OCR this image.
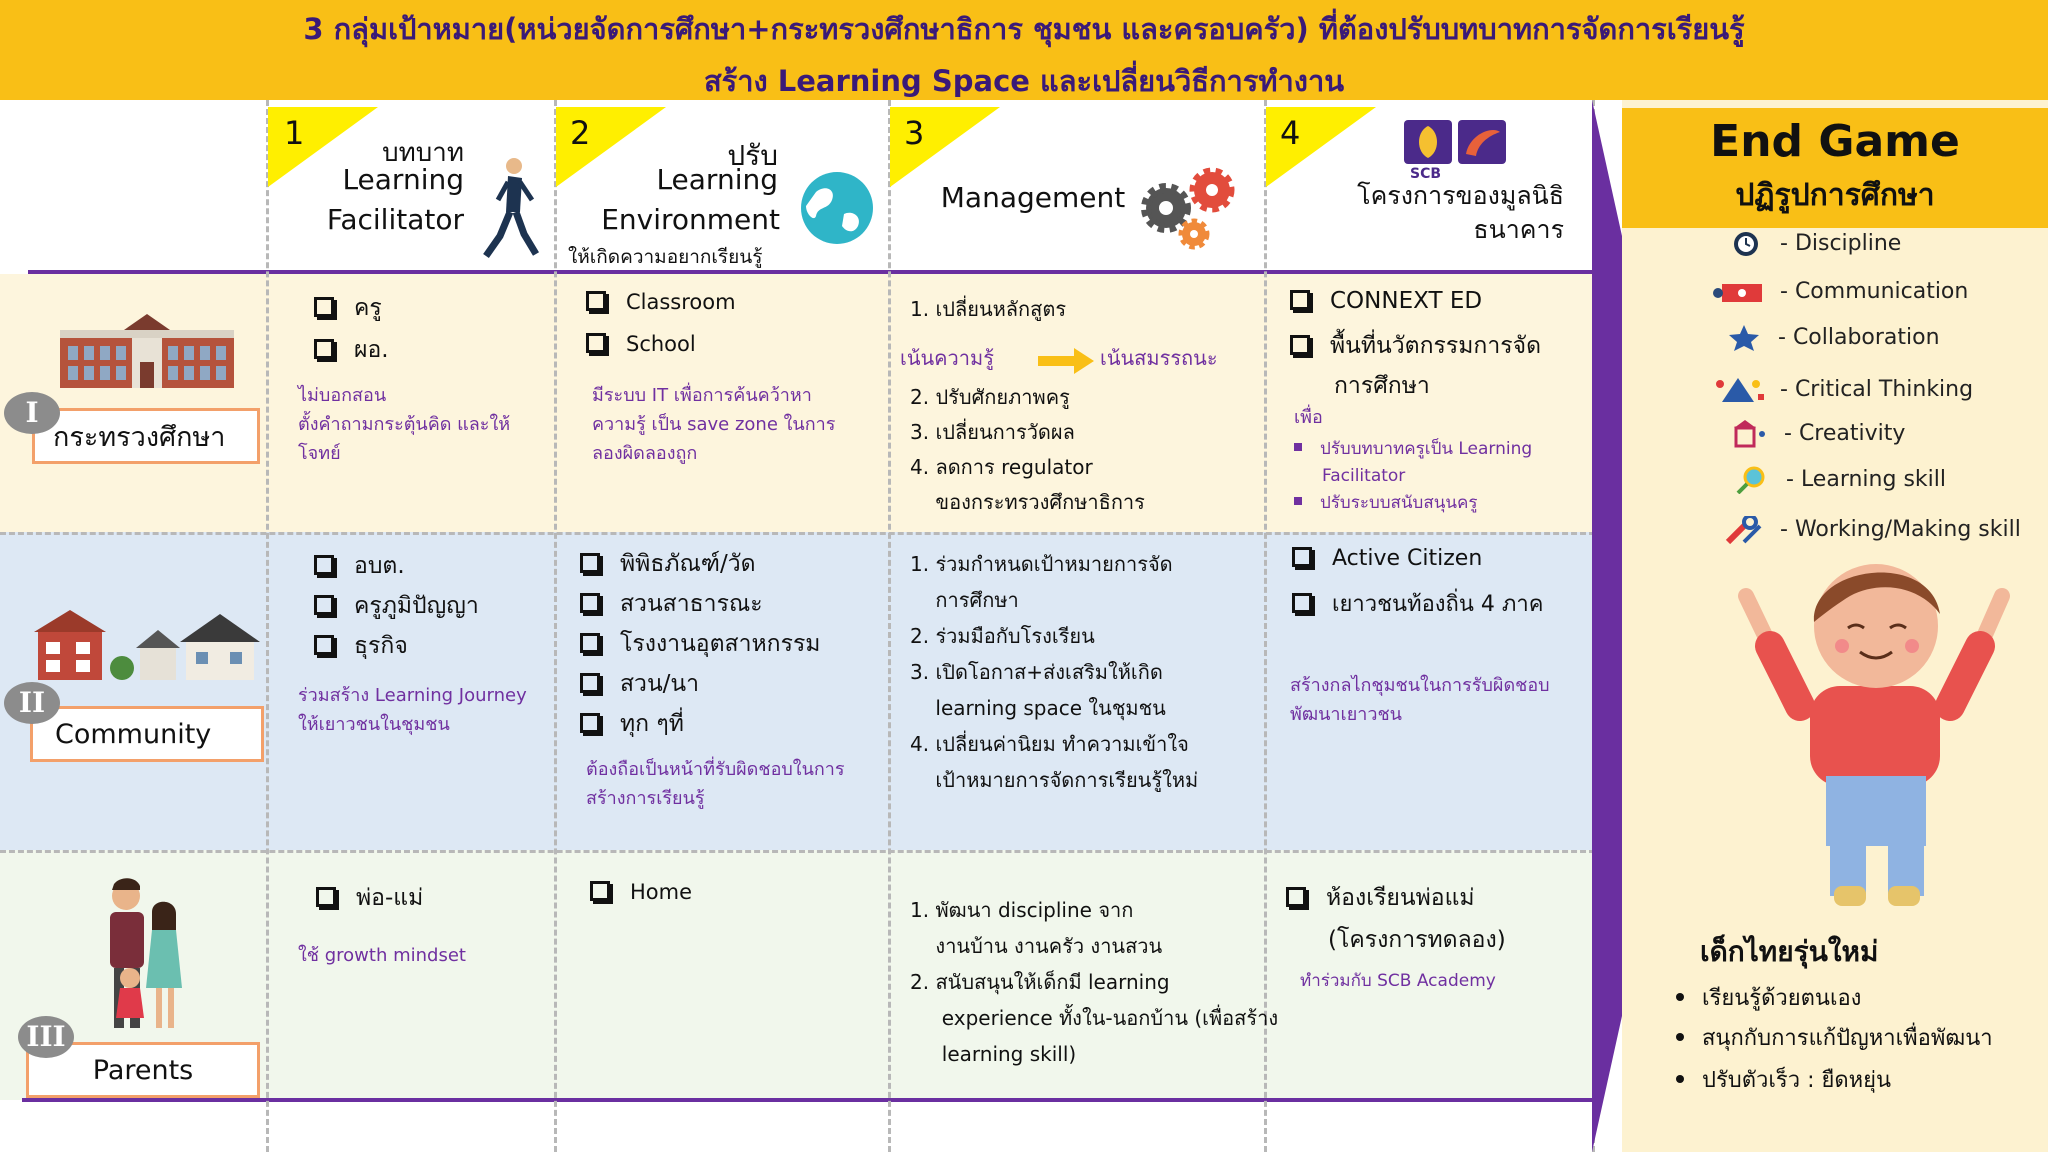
3 กลุ่มเป้าหมาย(หน่วยจัดการศึกษา+กระทรวงศึกษาธิการ ชุมชน และครอบครัว) ที่ต้องปรับบทบาทการจัดการเรียนรู้
สร้าง Learning Space และเปลี่ยนวิธีการทำงาน
1
บทบาท
Learning
Facilitator
2
ปรับ
Learning
Environment
ให้เกิดความอยากเรียนรู้
3
Management
4
SCB
โครงการของมูลนิธิ
ธนาคาร
กระทรวงศึกษา
I
Community
II
Parents
III
ครู
ผอ.
ไม่บอกสอน
ตั้งคำถามกระตุ้นคิด และให้
โจทย์
Classroom
School
มีระบบ IT เพื่อการค้นคว้าหา
ความรู้ เป็น save zone ในการ
ลองผิดลองถูก
1. เปลี่ยนหลักสูตร
เน้นความรู้	เน้นสมรรถนะ
2. ปรับศักยภาพครู
3. เปลี่ยนการวัดผล
4. ลดการ regulator
ของกระทรวงศึกษาธิการ
CONNEXT ED
พื้นที่นวัตกรรมการจัด
การศึกษา
เพื่อ
ปรับบทบาทครูเป็น Learning
Facilitator
ปรับระบบสนับสนุนครู
อบต.
ครูภูมิปัญญา
ธุรกิจ
ร่วมสร้าง Learning Journey
ให้เยาวชนในชุมชน
พิพิธภัณฑ์/วัด
สวนสาธารณะ
โรงงานอุตสาหกรรม
สวน/นา
ทุก ๆที่
ต้องถือเป็นหน้าที่รับผิดชอบในการ
สร้างการเรียนรู้
1. ร่วมกำหนดเป้าหมายการจัด
การศึกษา
2. ร่วมมือกับโรงเรียน
3. เปิดโอกาส+ส่งเสริมให้เกิด
learning space ในชุมชน
4. เปลี่ยนค่านิยม ทำความเข้าใจ
เป้าหมายการจัดการเรียนรู้ใหม่
Active Citizen
เยาวชนท้องถิ่น 4 ภาค
สร้างกลไกชุมชนในการรับผิดชอบ
พัฒนาเยาวชน
พ่อ-แม่
ใช้ growth mindset
Home
1. พัฒนา discipline จาก
งานบ้าน งานครัว งานสวน
2. สนับสนุนให้เด็กมี learning
experience ทั้งใน-นอกบ้าน (เพื่อสร้าง
learning skill)
ห้องเรียนพ่อแม่
(โครงการทดลอง)
ทำร่วมกับ SCB Academy
End Game
ปฏิรูปการศึกษา
- Discipline
- Communication
- Collaboration
- Critical Thinking
- Creativity
- Learning skill
- Working/Making skill
เด็กไทยรุ่นใหม่
เรียนรู้ด้วยตนเอง
สนุกกับการแก้ปัญหาเพื่อพัฒนา
ปรับตัวเร็ว : ยืดหยุ่น
